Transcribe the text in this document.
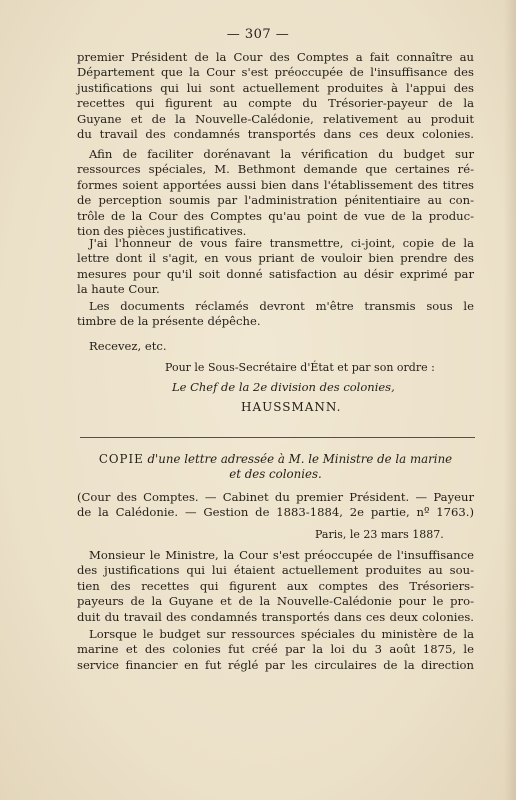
— 307 —
premier Président de la Cour des Comptes a fait connaître au
Département que la Cour s'est préoccupée de l'insuffisance des
justifications qui lui sont actuellement produites à l'appui des
recettes qui figurent au compte du Trésorier-payeur de la
Guyane et de la Nouvelle-Calédonie, relativement au produit
du travail des condamnés transportés dans ces deux colonies.
Afin de faciliter dorénavant la vérification du budget sur
ressources spéciales, M. Bethmont demande que certaines ré-
formes soient apportées aussi bien dans l'établissement des titres
de perception soumis par l'administration pénitentiaire au con-
trôle de la Cour des Comptes qu'au point de vue de la produc-
tion des pièces justificatives.
J'ai l'honneur de vous faire transmettre, ci-joint, copie de la
lettre dont il s'agit, en vous priant de vouloir bien prendre des
mesures pour qu'il soit donné satisfaction au désir exprimé par
la haute Cour.
Les documents réclamés devront m'être transmis sous le
timbre de la présente dépêche.
Recevez, etc.
Pour le Sous-Secrétaire d'État et par son ordre :
Le Chef de la 2e division des colonies,
HAUSSMANN.
COPIE d'une lettre adressée à M. le Ministre de la marine
et des colonies.
(Cour des Comptes. — Cabinet du premier Président. — Payeur
de la Calédonie. — Gestion de 1883-1884, 2e partie, nº 1763.)
Paris, le 23 mars 1887.
Monsieur le Ministre, la Cour s'est préoccupée de l'insuffisance
des justifications qui lui étaient actuellement produites au sou-
tien des recettes qui figurent aux comptes des Trésoriers-
payeurs de la Guyane et de la Nouvelle-Calédonie pour le pro-
duit du travail des condamnés transportés dans ces deux colonies.
Lorsque le budget sur ressources spéciales du ministère de la
marine et des colonies fut créé par la loi du 3 août 1875, le
service financier en fut réglé par les circulaires de la direction
